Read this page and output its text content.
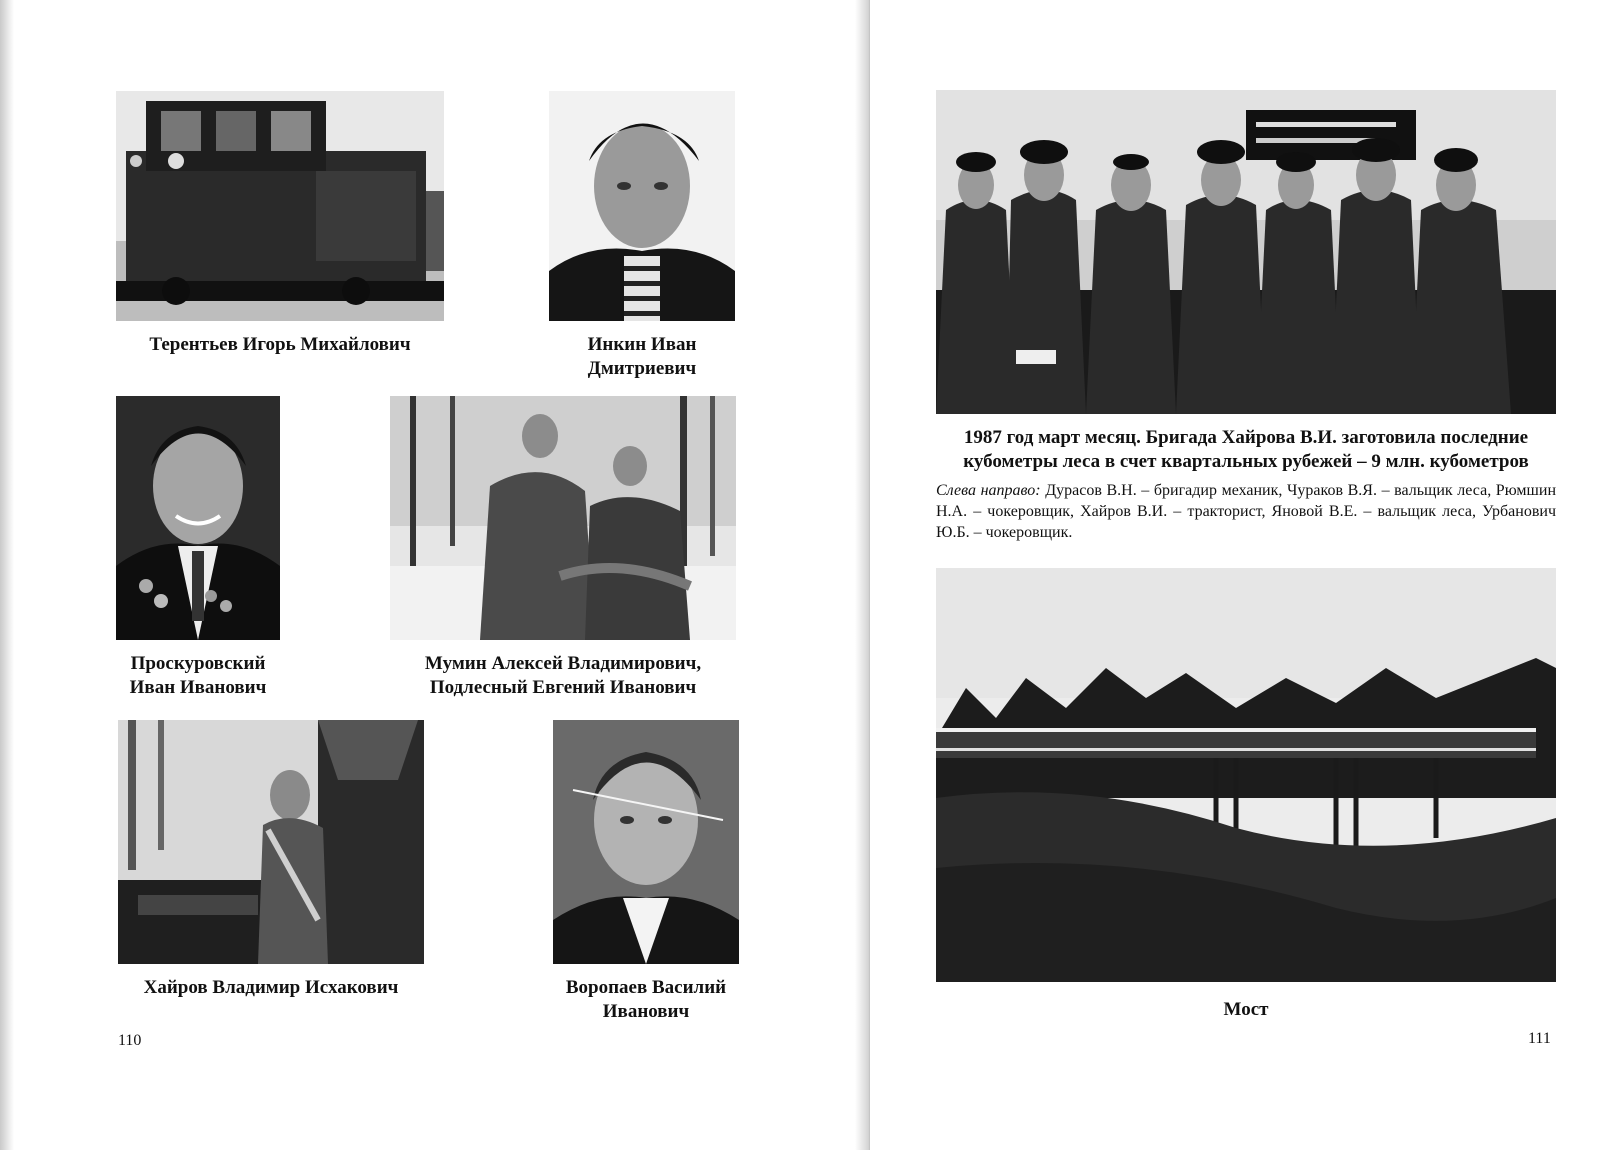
Терентьев Игорь Михайлович	Инкин Иван
Дмитриевич
Проскуровский
Иван Иванович
Мумин Алексей Владимирович,
Подлесный Евгений Иванович
Хайров Владимир Исхакович	Воропаев Василий
Иванович
110
1987 год март месяц. Бригада Хайрова В.И. заготовила последние
кубометры леса в счет квартальных рубежей – 9 млн. кубометров
Слева направо: Дурасов В.Н. – бригадир механик, Чураков В.Я. – вальщик леса, Рюмшин Н.А. – чокеровщик, Хайров В.И. – тракторист, Яновой В.Е. – вальщик леса, Урбанович Ю.Б. – чокеровщик.
Мост
111
